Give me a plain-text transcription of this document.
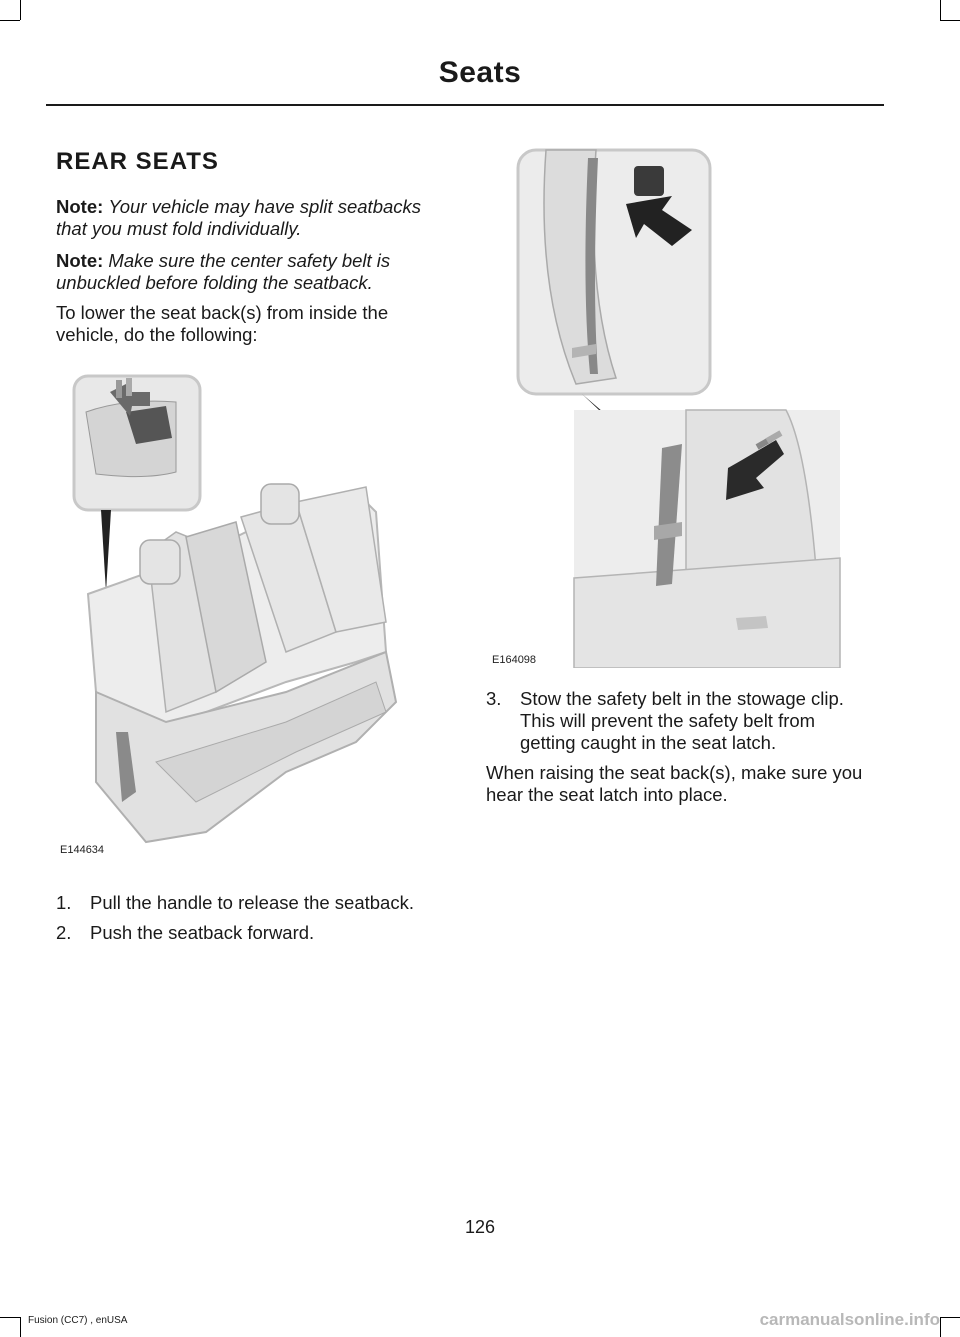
Seats
REAR SEATS
Note: Your vehicle may have split seatbacks that you must fold individually.
Note: Make sure the center safety belt is unbuckled before folding the seatback.
To lower the seat back(s) from inside the vehicle, do the following:
E144634
E164098
1. Pull the handle to release the seatback.
2. Push the seatback forward.
3. Stow the safety belt in the stowage clip. This will prevent the safety belt from getting caught in the seat latch.
When raising the seat back(s), make sure you hear the seat latch into place.
126
Fusion (CC7) , enUSA	carmanualsonline.info
